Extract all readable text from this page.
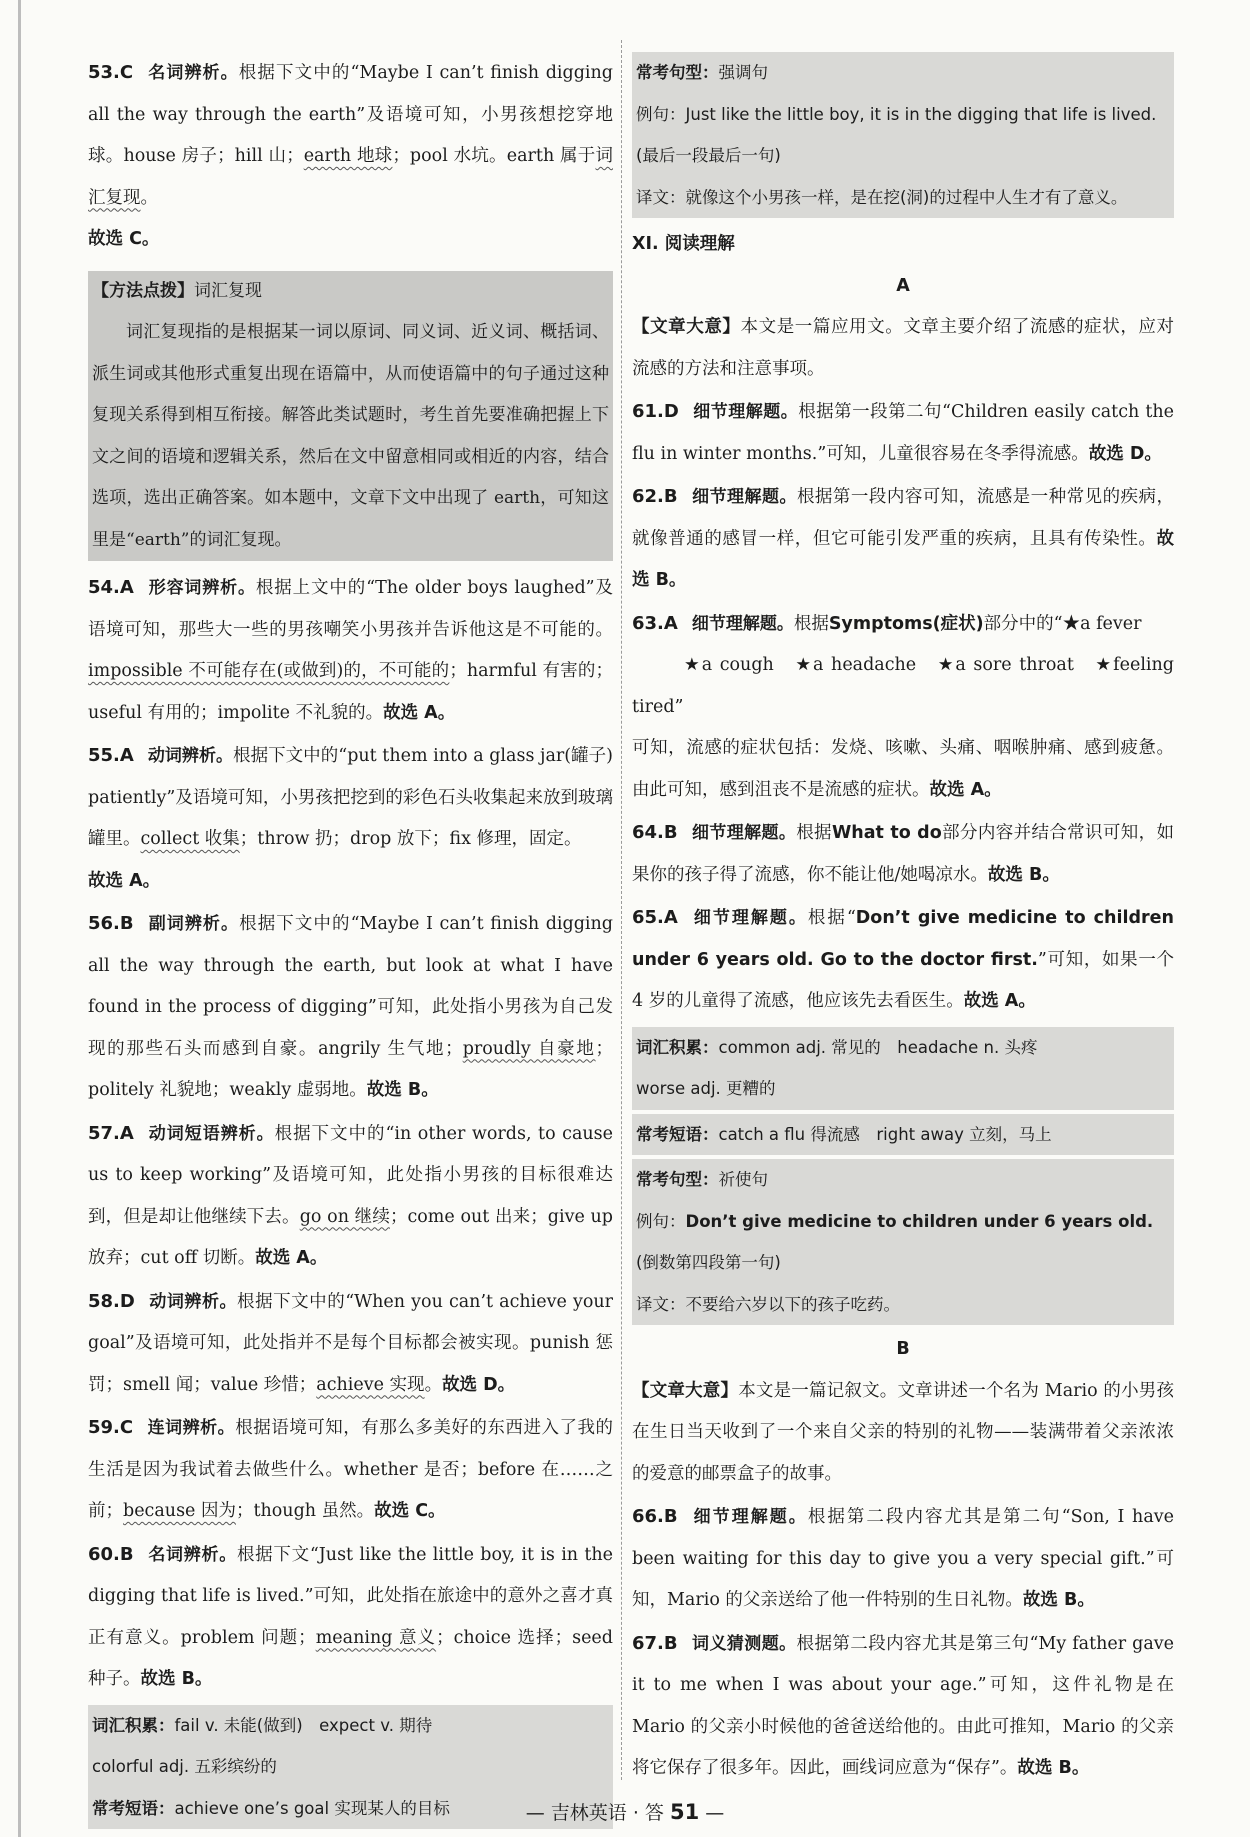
53.C 名词辨析。根据下文中的“Maybe I can’t finish digging all the way through the earth”及语境可知，小男孩想挖穿地球。house 房子；hill 山；earth 地球；pool 水坑。earth 属于词汇复现。
故选 C。

【方法点拨】词汇复现

词汇复现指的是根据某一词以原词、同义词、近义词、概括词、派生词或其他形式重复出现在语篇中，从而使语篇中的句子通过这种复现关系得到相互衔接。解答此类试题时，考生首先要准确把握上下文之间的语境和逻辑关系，然后在文中留意相同或相近的内容，结合选项，选出正确答案。如本题中，文章下文中出现了 earth，可知这里是“earth”的词汇复现。

54.A 形容词辨析。根据上文中的“The older boys laughed”及语境可知，那些大一些的男孩嘲笑小男孩并告诉他这是不可能的。impossible 不可能存在(或做到)的，不可能的；harmful 有害的；useful 有用的；impolite 不礼貌的。故选 A。

55.A 动词辨析。根据下文中的“put them into a glass jar(罐子) patiently”及语境可知，小男孩把挖到的彩色石头收集起来放到玻璃罐里。collect 收集；throw 扔；drop 放下；fix 修理，固定。
故选 A。

56.B 副词辨析。根据下文中的“Maybe I can’t finish digging all the way through the earth, but look at what I have found in the process of digging”可知，此处指小男孩为自己发现的那些石头而感到自豪。angrily 生气地；proudly 自豪地；politely 礼貌地；weakly 虚弱地。故选 B。

57.A 动词短语辨析。根据下文中的“in other words, to cause us to keep working”及语境可知，此处指小男孩的目标很难达到，但是却让他继续下去。go on 继续；come out 出来；give up 放弃；cut off 切断。故选 A。

58.D 动词辨析。根据下文中的“When you can’t achieve your goal”及语境可知，此处指并不是每个目标都会被实现。punish 惩罚；smell 闻；value 珍惜；achieve 实现。故选 D。

59.C 连词辨析。根据语境可知，有那么多美好的东西进入了我的生活是因为我试着去做些什么。whether 是否；before 在……之前；because 因为；though 虽然。故选 C。

60.B 名词辨析。根据下文“Just like the little boy, it is in the digging that life is lived.”可知，此处指在旅途中的意外之喜才真正有意义。problem 问题；meaning 意义；choice 选择；seed 种子。故选 B。

词汇积累：fail v. 未能(做到)　expect v. 期待
colorful adj. 五彩缤纷的
常考短语：achieve one’s goal 实现某人的目标
常考句型：强调句
例句：Just like the little boy, it is in the digging that life is lived.
(最后一段最后一句)
译文：就像这个小男孩一样，是在挖(洞)的过程中人生才有了意义。

XI. 阅读理解

A

【文章大意】本文是一篇应用文。文章主要介绍了流感的症状，应对流感的方法和注意事项。

61.D 细节理解题。根据第一段第二句“Children easily catch the flu in winter months.”可知，儿童很容易在冬季得流感。故选 D。

62.B 细节理解题。根据第一段内容可知，流感是一种常见的疾病，就像普通的感冒一样，但它可能引发严重的疾病，且具有传染性。故选 B。

63.A 细节理解题。根据Symptoms(症状)部分中的“★a fever
★a cough　★a headache　★a sore throat　★feeling tired”
可知，流感的症状包括：发烧、咳嗽、头痛、咽喉肿痛、感到疲惫。由此可知，感到沮丧不是流感的症状。故选 A。

64.B 细节理解题。根据What to do部分内容并结合常识可知，如果你的孩子得了流感，你不能让他/她喝凉水。故选 B。

65.A 细节理解题。根据“Don’t give medicine to children under 6 years old. Go to the doctor first.”可知，如果一个 4 岁的儿童得了流感，他应该先去看医生。故选 A。

词汇积累：common adj. 常见的　headache n. 头疼
worse adj. 更糟的
常考短语：catch a flu 得流感　right away 立刻，马上
常考句型：祈使句
例句：Don’t give medicine to children under 6 years old.(倒数第四段第一句)
译文：不要给六岁以下的孩子吃药。

B

【文章大意】本文是一篇记叙文。文章讲述一个名为 Mario 的小男孩在生日当天收到了一个来自父亲的特别的礼物——装满带着父亲浓浓的爱意的邮票盒子的故事。

66.B 细节理解题。根据第二段内容尤其是第二句“Son, I have been waiting for this day to give you a very special gift.”可知，Mario 的父亲送给了他一件特别的生日礼物。故选 B。

67.B 词义猜测题。根据第二段内容尤其是第三句“My father gave it to me when I was about your age.”可知，这件礼物是在 Mario 的父亲小时候他的爸爸送给他的。由此可推知，Mario 的父亲将它保存了很多年。因此，画线词应意为“保存”。故选 B。

— 吉林英语 · 答 51 —
